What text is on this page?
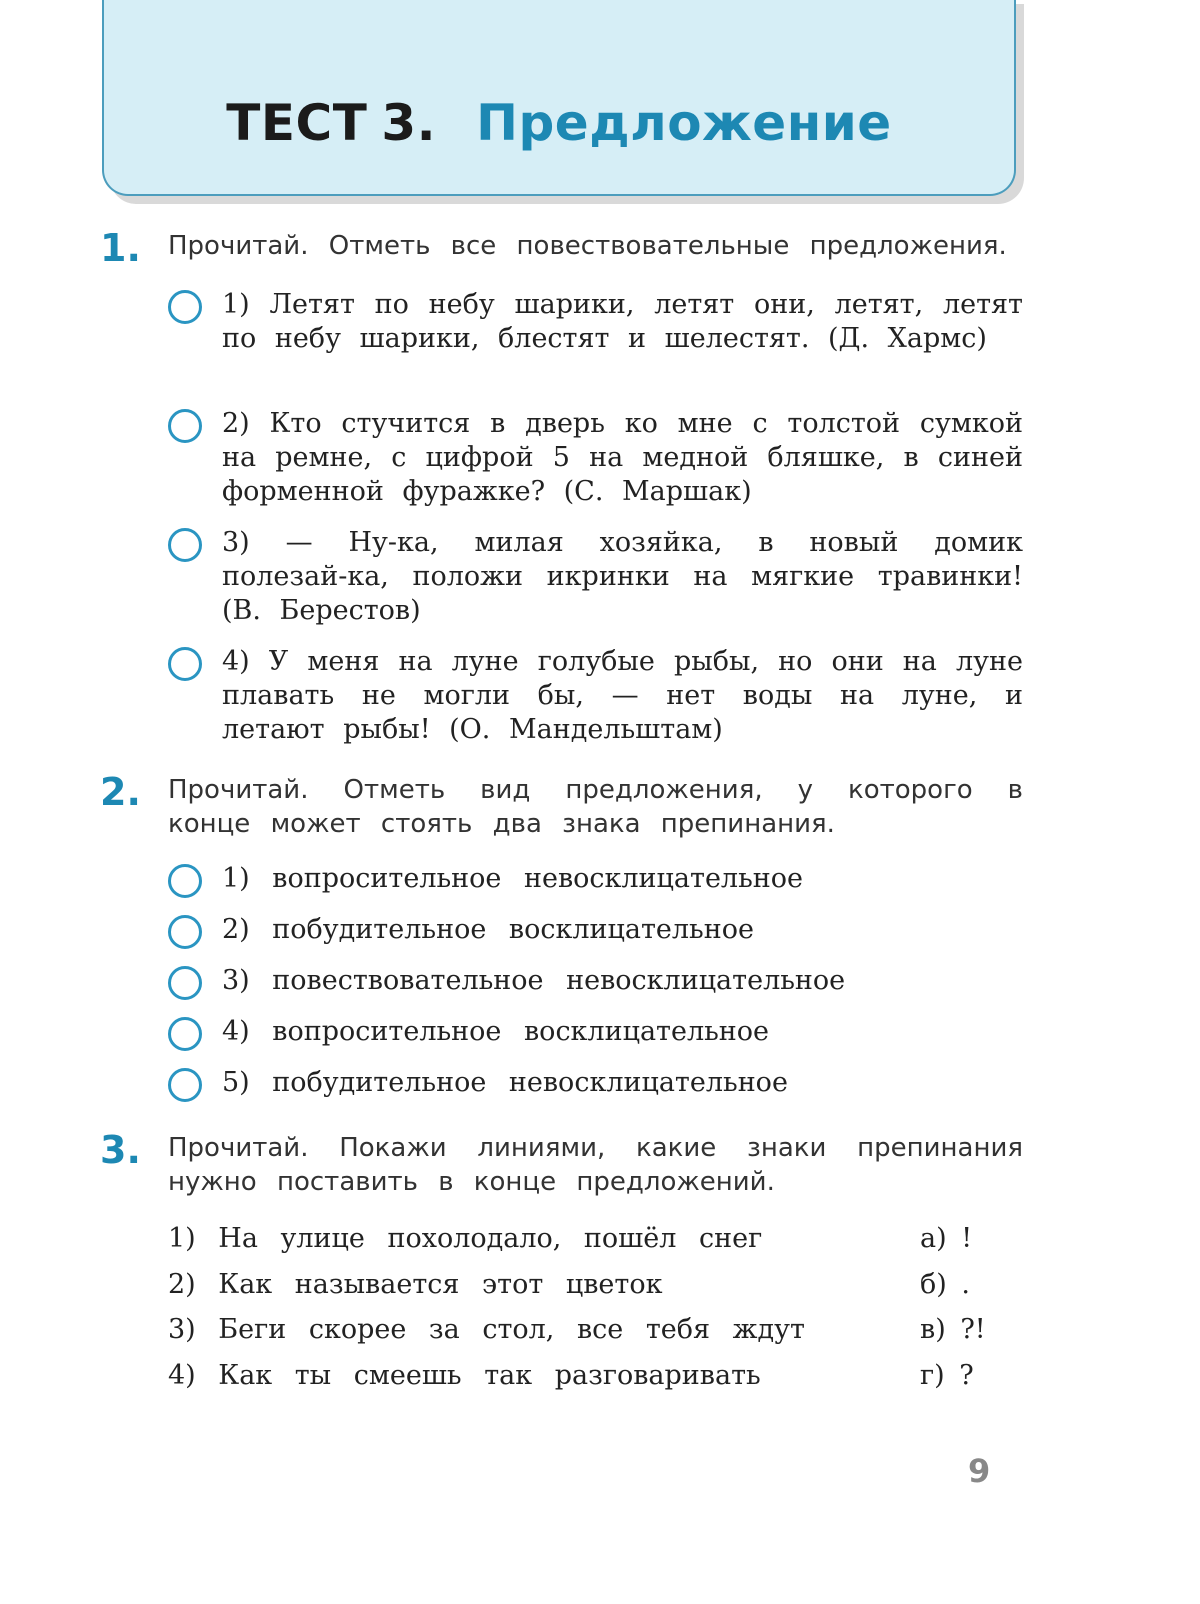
ТЕСТ 3. Предложение
1. Прочитай. Отметь все повествовательные предложения.
1) Летят по небу шарики, летят они, летят, летят по небу шарики, блестят и шелестят. (Д. Хармс)
2) Кто стучится в дверь ко мне с толстой сумкой на ремне, с цифрой 5 на медной бляшке, в синей форменной фуражке? (С. Маршак)
3) — Ну-ка, милая хозяйка, в новый домик полезай-ка, положи икринки на мягкие травинки! (В. Берестов)
4) У меня на луне голубые рыбы, но они на луне плавать не могли бы, — нет воды на луне, и летают рыбы! (О. Мандельштам)
2. Прочитай. Отметь вид предложения, у которого в конце может стоять два знака препинания.
1) вопросительное невосклицательное
2) побудительное восклицательное
3) повествовательное невосклицательное
4) вопросительное восклицательное
5) побудительное невосклицательное
3. Прочитай. Покажи линиями, какие знаки препинания нужно поставить в конце предложений.
1) На улице похолодало, пошёл снег	а) !
2) Как называется этот цветок	б) .
3) Беги скорее за стол, все тебя ждут	в) ?!
4) Как ты смеешь так разговаривать	г) ?
9
